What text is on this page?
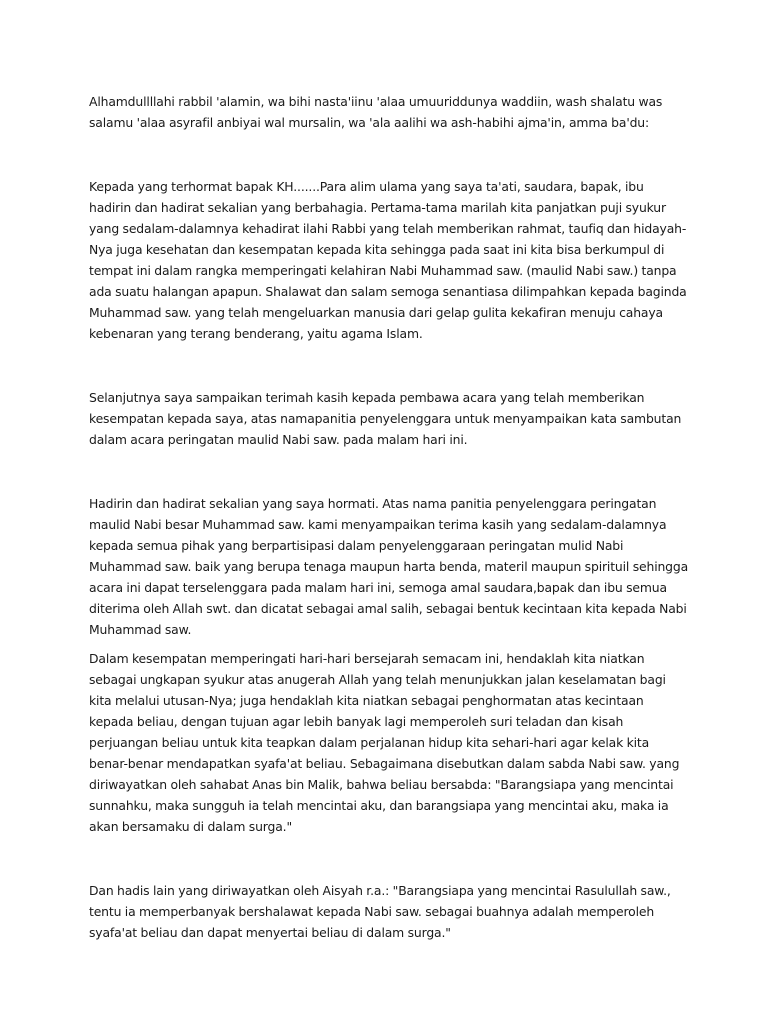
Alhamdullllahi rabbil 'alamin, wa bihi nasta'iinu 'alaa umuuriddunya waddiin, wash shalatu was salamu 'alaa asyrafil anbiyai wal mursalin, wa 'ala aalihi wa ash-habihi ajma'in, amma ba'du:

Kepada yang terhormat bapak KH.......Para alim ulama yang saya ta'ati, saudara, bapak, ibu hadirin dan hadirat sekalian yang berbahagia. Pertama-tama marilah kita panjatkan puji syukur yang sedalam-dalamnya kehadirat ilahi Rabbi yang telah memberikan rahmat, taufiq dan hidayah-Nya juga kesehatan dan kesempatan kepada kita sehingga pada saat ini kita bisa berkumpul di tempat ini dalam rangka memperingati kelahiran Nabi Muhammad saw. (maulid Nabi saw.) tanpa ada suatu halangan apapun. Shalawat dan salam semoga senantiasa dilimpahkan kepada baginda Muhammad saw. yang telah mengeluarkan manusia dari gelap gulita kekafiran menuju cahaya kebenaran yang terang benderang, yaitu agama Islam.

Selanjutnya saya sampaikan terimah kasih kepada pembawa acara yang telah memberikan kesempatan kepada saya, atas namapanitia penyelenggara untuk menyampaikan kata sambutan dalam acara peringatan maulid Nabi saw. pada malam hari ini.

Hadirin dan hadirat sekalian yang saya hormati. Atas nama panitia penyelenggara peringatan maulid Nabi besar Muhammad saw. kami menyampaikan terima kasih yang sedalam-dalamnya kepada semua pihak yang berpartisipasi dalam penyelenggaraan peringatan mulid Nabi Muhammad saw. baik yang berupa tenaga maupun harta benda, materil maupun spirituil sehingga acara ini dapat terselenggara pada malam hari ini, semoga amal saudara,bapak dan ibu semua diterima oleh Allah swt. dan dicatat sebagai amal salih, sebagai bentuk kecintaan kita kepada Nabi Muhammad saw.

Dalam kesempatan memperingati hari-hari bersejarah semacam ini, hendaklah kita niatkan sebagai ungkapan syukur atas anugerah Allah yang telah menunjukkan jalan keselamatan bagi kita melalui utusan-Nya; juga hendaklah kita niatkan sebagai penghormatan atas kecintaan kepada beliau, dengan tujuan agar lebih banyak lagi memperoleh suri teladan dan kisah perjuangan beliau untuk kita teapkan dalam perjalanan hidup kita sehari-hari agar kelak kita benar-benar mendapatkan syafa'at beliau. Sebagaimana disebutkan dalam sabda Nabi saw. yang diriwayatkan oleh sahabat Anas bin Malik, bahwa beliau bersabda: "Barangsiapa yang mencintai sunnahku, maka sungguh ia telah mencintai aku, dan barangsiapa yang mencintai aku, maka ia akan bersamaku di dalam surga."

Dan hadis lain yang diriwayatkan oleh Aisyah r.a.: "Barangsiapa yang mencintai Rasulullah saw., tentu ia memperbanyak bershalawat kepada Nabi saw. sebagai buahnya adalah memperoleh syafa'at beliau dan dapat menyertai beliau di dalam surga."
